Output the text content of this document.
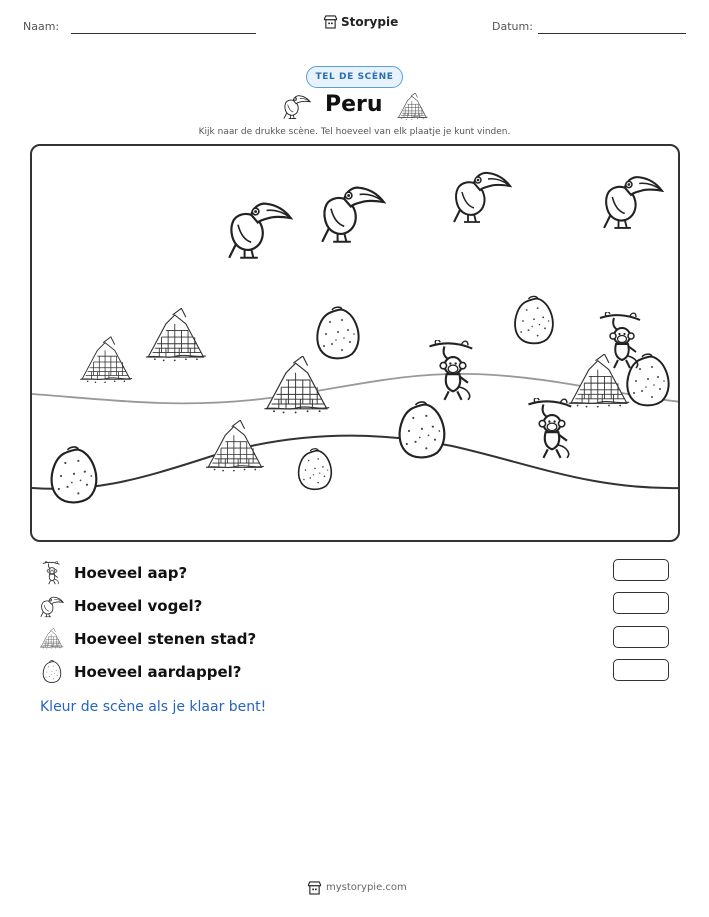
Naam:	Storypie	Datum:
TEL DE SCÈNE
Peru
Kijk naar de drukke scène. Tel hoeveel van elk plaatje je kunt vinden.
Hoeveel aap?
Hoeveel vogel?
Hoeveel stenen stad?
Hoeveel aardappel?
Kleur de scène als je klaar bent!
mystorypie.com
